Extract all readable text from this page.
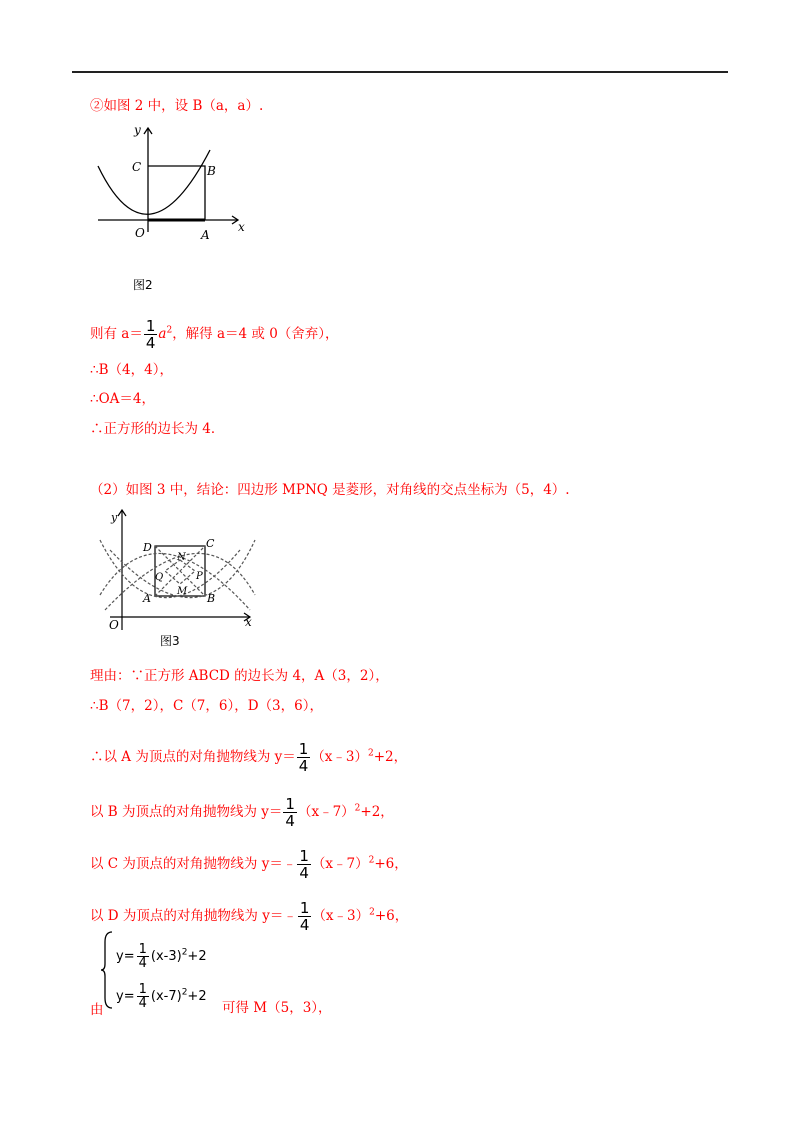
②如图 2 中，设 B（a，a）.
y
C	B
O	A
x
图2
则有 $a= \frac{1}{4} a^2$，解得 a＝4 或 0（舍弃），
∴B（4，4），
∴OA＝4，
∴正方形的边长为 4．
（2）如图 3 中，结论：四边形 MPNQ 是菱形，对角线的交点坐标为（5，4）.
y
D	C
N
Q	P
M
A	B
O	x
图3
理由：∵正方形 ABCD 的边长为 4，A（3，2），
∴B（7，2），C（7，6），D（3，6），
∴以 A 为顶点的对角抛物线为 $y= \frac{1}{4}$ （x﹣3）$^2$+2，
以 B 为顶点的对角抛物线为 $y= \frac{1}{4}$ （x﹣7）$^2$+2，
以 C 为顶点的对角抛物线为 y＝﹣ $\frac{1}{4}$ （x﹣7）$^2$+6，
以 D 为顶点的对角抛物线为 y＝﹣ $\frac{1}{4}$ （x﹣3）$^2$+6，
$y= \frac{1}{4} (x-3)^2+2$
$y= \frac{1}{4} (x-7)^2+2$
由	可得 M（5，3），
